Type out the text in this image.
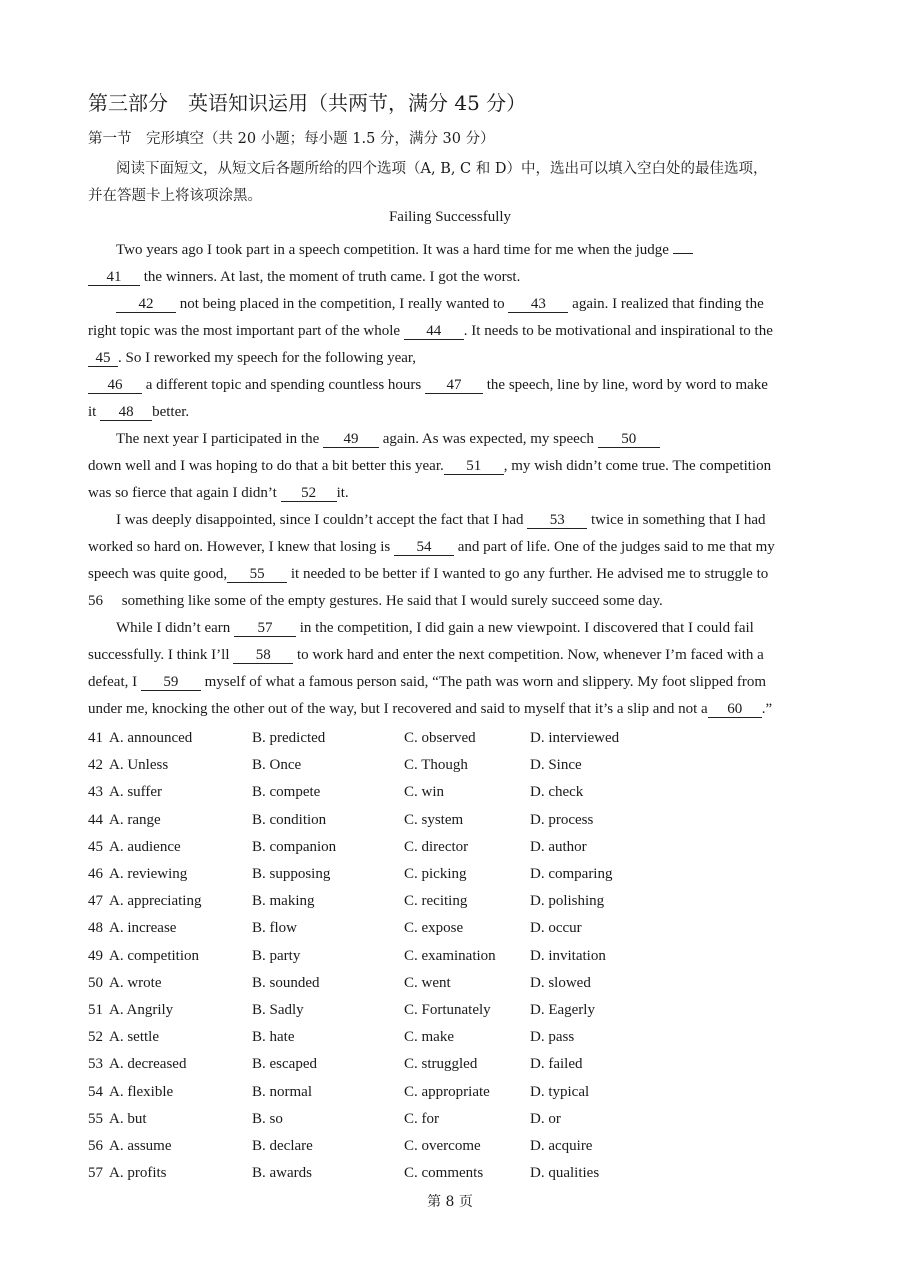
第三部分　英语知识运用（共两节，满分 45 分）
第一节　完形填空（共 20 小题；每小题 1.5 分，满分 30 分）
阅读下面短文，从短文后各题所给的四个选项（A, B, C 和 D）中，选出可以填入空白处的最佳选项，
并在答题卡上将该项涂黑。
Failing Successfully
Two years ago I took part in a speech competition. It was a hard time for me when the judge
41 the winners. At last, the moment of truth came. I got the worst.
42 not being placed in the competition, I really wanted to 43 again. I realized that finding the
right topic was the most important part of the whole 44 . It needs to be motivational and inspirational to the
45 . So I reworked my speech for the following year,
46 a different topic and spending countless hours 47 the speech, line by line, word by word to make
it 48 better.
The next year I participated in the 49 again. As was expected, my speech 50
down well and I was hoping to do that a bit better this year. 51 , my wish didn’t come true. The competition
was so fierce that again I didn’t 52 it.
I was deeply disappointed, since I couldn’t accept the fact that I had 53 twice in something that I had
worked so hard on. However, I knew that losing is 54 and part of life. One of the judges said to me that my
speech was quite good, 55 it needed to be better if I wanted to go any further. He advised me to struggle to
56 something like some of the empty gestures. He said that I would surely succeed some day.
While I didn’t earn 57 in the competition, I did gain a new viewpoint. I discovered that I could fail
successfully. I think I’ll 58 to work hard and enter the next competition. Now, whenever I’m faced with a
defeat, I 59 myself of what a famous person said, “The path was worn and slippery. My foot slipped from
under me, knocking the other out of the way, but I recovered and said to myself that it’s a slip and not a 60 .”
41 A. announced	B. predicted	C. observed	D. interviewed
42 A. Unless	B. Once	C. Though	D. Since
43 A. suffer	B. compete	C. win	D. check
44 A. range	B. condition	C. system	D. process
45 A. audience	B. companion	C. director	D. author
46 A. reviewing	B. supposing	C. picking	D. comparing
47 A. appreciating	B. making	C. reciting	D. polishing
48 A. increase	B. flow	C. expose	D. occur
49 A. competition	B. party	C. examination D. invitation
50 A. wrote	B. sounded	C. went	D. slowed
51 A. Angrily	B. Sadly	C. Fortunately	D. Eagerly
52 A. settle	B. hate	C. make	D. pass
53 A. decreased	B. escaped	C. struggled	D. failed
54 A. flexible	B. normal	C. appropriate	D. typical
55 A. but	B. so	C. for	D. or
56 A. assume	B. declare	C. overcome	D. acquire
57 A. profits	B. awards	C. comments	D. qualities
第 8 页
